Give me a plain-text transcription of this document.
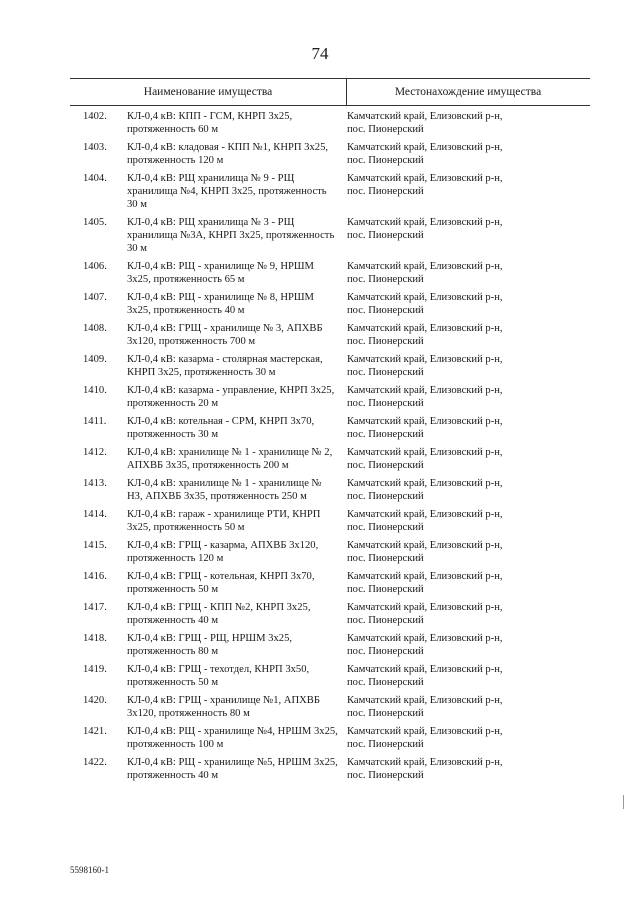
74
Наименование имущества	Местонахождение имущества
1402. КЛ-0,4 кВ: КПП - ГСМ, КНРП 3х25, протяженность 60 м
Камчатский край, Елизовский р-н, пос. Пионерский
1403. КЛ-0,4 кВ: кладовая - КПП №1, КНРП 3х25, протяженность 120 м
Камчатский край, Елизовский р-н, пос. Пионерский
1404. КЛ-0,4 кВ: РЩ хранилища № 9 - РЩ хранилища №4, КНРП 3х25, протяженность 30 м
Камчатский край, Елизовский р-н, пос. Пионерский
1405. КЛ-0,4 кВ: РЩ хранилища № 3 - РЩ хранилища №3А, КНРП 3х25, протяженность 30 м
Камчатский край, Елизовский р-н, пос. Пионерский
1406. КЛ-0,4 кВ: РЩ - хранилище № 9, НРШМ 3х25, протяженность 65 м
Камчатский край, Елизовский р-н, пос. Пионерский
1407. КЛ-0,4 кВ: РЩ - хранилище № 8, НРШМ 3х25, протяженность 40 м
Камчатский край, Елизовский р-н, пос. Пионерский
1408. КЛ-0,4 кВ: ГРЩ - хранилище № 3, АПХВБ 3х120, протяженность 700 м
Камчатский край, Елизовский р-н, пос. Пионерский
1409. КЛ-0,4 кВ: казарма - столярная мастерская, КНРП 3х25, протяженность 30 м
Камчатский край, Елизовский р-н, пос. Пионерский
1410. КЛ-0,4 кВ: казарма - управление, КНРП 3х25, протяженность 20 м
Камчатский край, Елизовский р-н, пос. Пионерский
1411. КЛ-0,4 кВ: котельная - СРМ, КНРП 3х70, протяженность 30 м
Камчатский край, Елизовский р-н, пос. Пионерский
1412. КЛ-0,4 кВ: хранилище № 1 - хранилище № 2, АПХВБ 3х35, протяженность 200 м
Камчатский край, Елизовский р-н, пос. Пионерский
1413. КЛ-0,4 кВ: хранилище № 1 - хранилище № НЗ, АПХВБ 3х35, протяженность 250 м
Камчатский край, Елизовский р-н, пос. Пионерский
1414. КЛ-0,4 кВ: гараж - хранилище РТИ, КНРП 3х25, протяженность 50 м
Камчатский край, Елизовский р-н, пос. Пионерский
1415. КЛ-0,4 кВ: ГРЩ - казарма, АПХВБ 3х120, протяженность 120 м
Камчатский край, Елизовский р-н, пос. Пионерский
1416. КЛ-0,4 кВ: ГРЩ - котельная, КНРП 3х70, протяженность 50 м
Камчатский край, Елизовский р-н, пос. Пионерский
1417. КЛ-0,4 кВ: ГРЩ - КПП №2, КНРП 3х25, протяженность 40 м
Камчатский край, Елизовский р-н, пос. Пионерский
1418. КЛ-0,4 кВ: ГРЩ - РЩ, НРШМ 3х25, протяженность 80 м
Камчатский край, Елизовский р-н, пос. Пионерский
1419. КЛ-0,4 кВ: ГРЩ - техотдел, КНРП 3х50, протяженность 50 м
Камчатский край, Елизовский р-н, пос. Пионерский
1420. КЛ-0,4 кВ: ГРЩ - хранилище №1, АПХВБ 3х120, протяженность 80 м
Камчатский край, Елизовский р-н, пос. Пионерский
1421. КЛ-0,4 кВ: РЩ - хранилище №4, НРШМ 3х25, протяженность 100 м
Камчатский край, Елизовский р-н, пос. Пионерский
1422. КЛ-0,4 кВ: РЩ - хранилище №5, НРШМ 3х25, протяженность 40 м
Камчатский край, Елизовский р-н, пос. Пионерский
5598160-1
